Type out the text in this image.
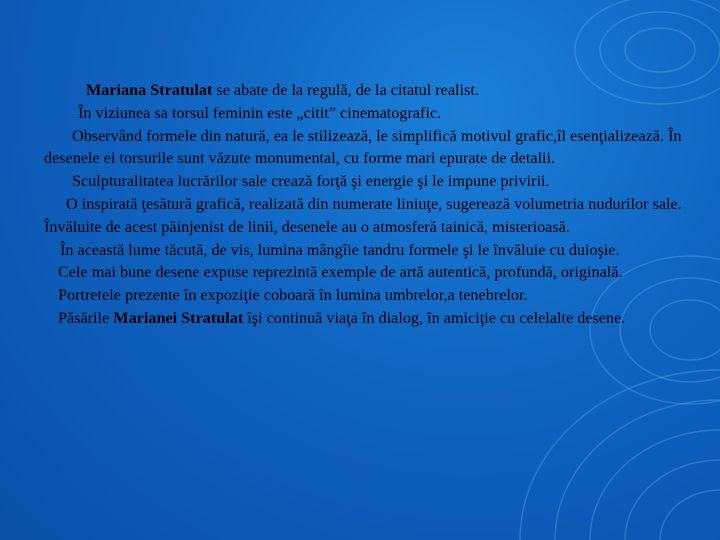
Mariana Stratulat se abate de la regulă, de la citatul realist.

În viziunea sa torsul feminin este „citit” cinematografic.

Observând formele din natură, ea le stilizează, le simplifică motivul grafic,îl esenţializează. În desenele ei torsurile sunt văzute monumental, cu forme mari epurate de detalii.

Sculpturalitatea lucrărilor sale crează forţă şi energie şi le impune privirii.

O inspirată ţesătură grafică, realizată din numerate liniuţe, sugerează volumetria nudurilor sale. Învăluite de acest păinjenist de linii, desenele au o atmosferă tainică, misterioasă.

În această lume tăcută, de vis, lumina mângîie tandru formele şi le învăluie cu duioşie.

Cele mai bune desene expuse reprezintă exemple de artă autentică, profundă, originală.

Portretele prezente în expoziţie coboară în lumina umbrelor,a tenebrelor.

Păsările Marianei Stratulat îşi continuă viaţa în dialog, în amiciţie cu celelalte desene.
